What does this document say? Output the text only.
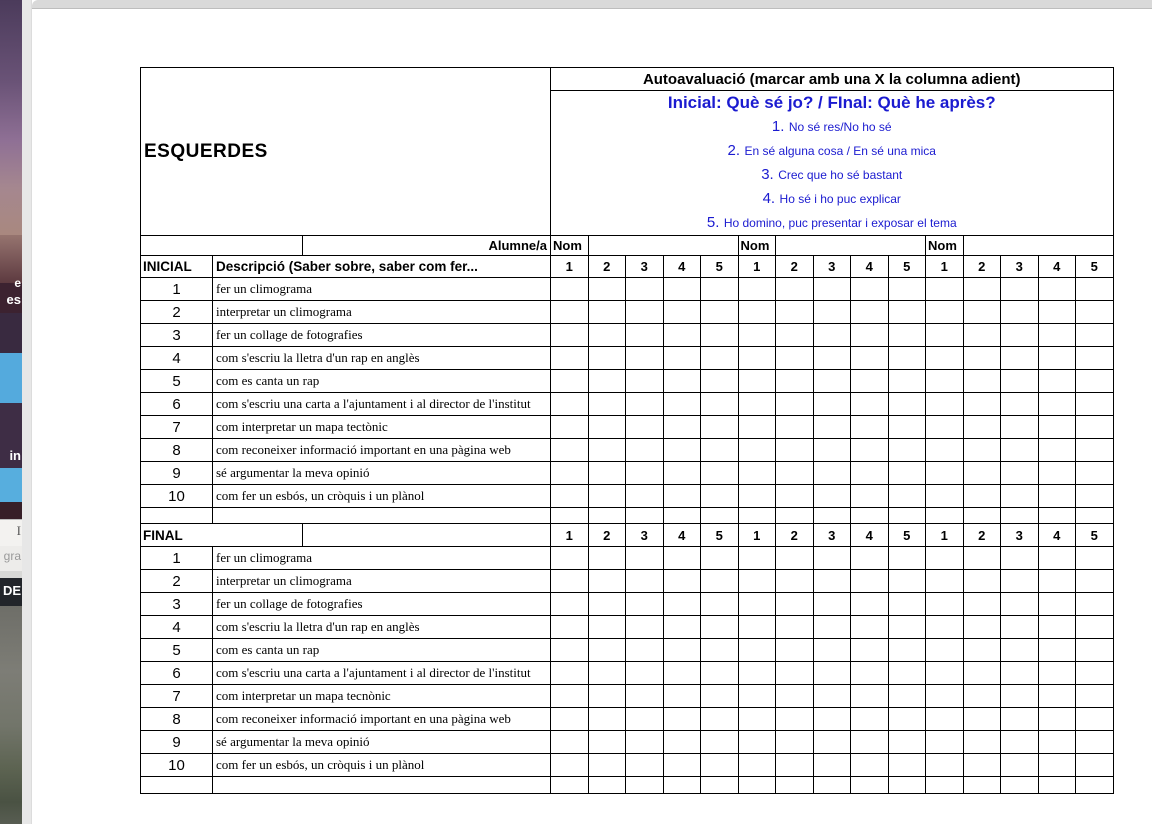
e
es
in
I
gra
DE
ESQUERDES			Autoavaluació (marcar amb una X la columna adient)														

Inicial: Què sé jo? / FInal: Què he après?
1. No sé res/No ho sé
2. En sé alguna cosa / En sé una mica
3. Crec que ho sé bastant
4. Ho sé i ho puc explicar
5. Ho domino, puc presentar i exposar el tema

		Alumne/a	Nom					Nom					Nom				
INICIAL	Descripció (Saber sobre, saber com fer...		1	2	3	4	5	1	2	3	4	5	1	2	3	4	5
1	fer un climograma																
2	interpretar un climograma																
3	fer un collage de fotografies																
4	com s'escriu la lletra d'un rap en anglès																
5	com es canta un rap																
6	com s'escriu una carta a l'ajuntament i al director de l'institut																
7	com interpretar un mapa tectònic																
8	com reconeixer informació important en una pàgina web																
9	sé argumentar la meva opinió																
10	com fer un esbós, un cròquis i un plànol																

FINAL			1	2	3	4	5	1	2	3	4	5	1	2	3	4	5
1	fer un climograma																
2	interpretar un climograma																
3	fer un collage de fotografies																
4	com s'escriu la lletra d'un rap en anglès																
5	com es canta un rap																
6	com s'escriu una carta a l'ajuntament i al director de l'institut																
7	com interpretar un mapa tecnònic																
8	com reconeixer informació important en una pàgina web																
9	sé argumentar la meva opinió																
10	com fer un esbós, un cròquis i un plànol																
